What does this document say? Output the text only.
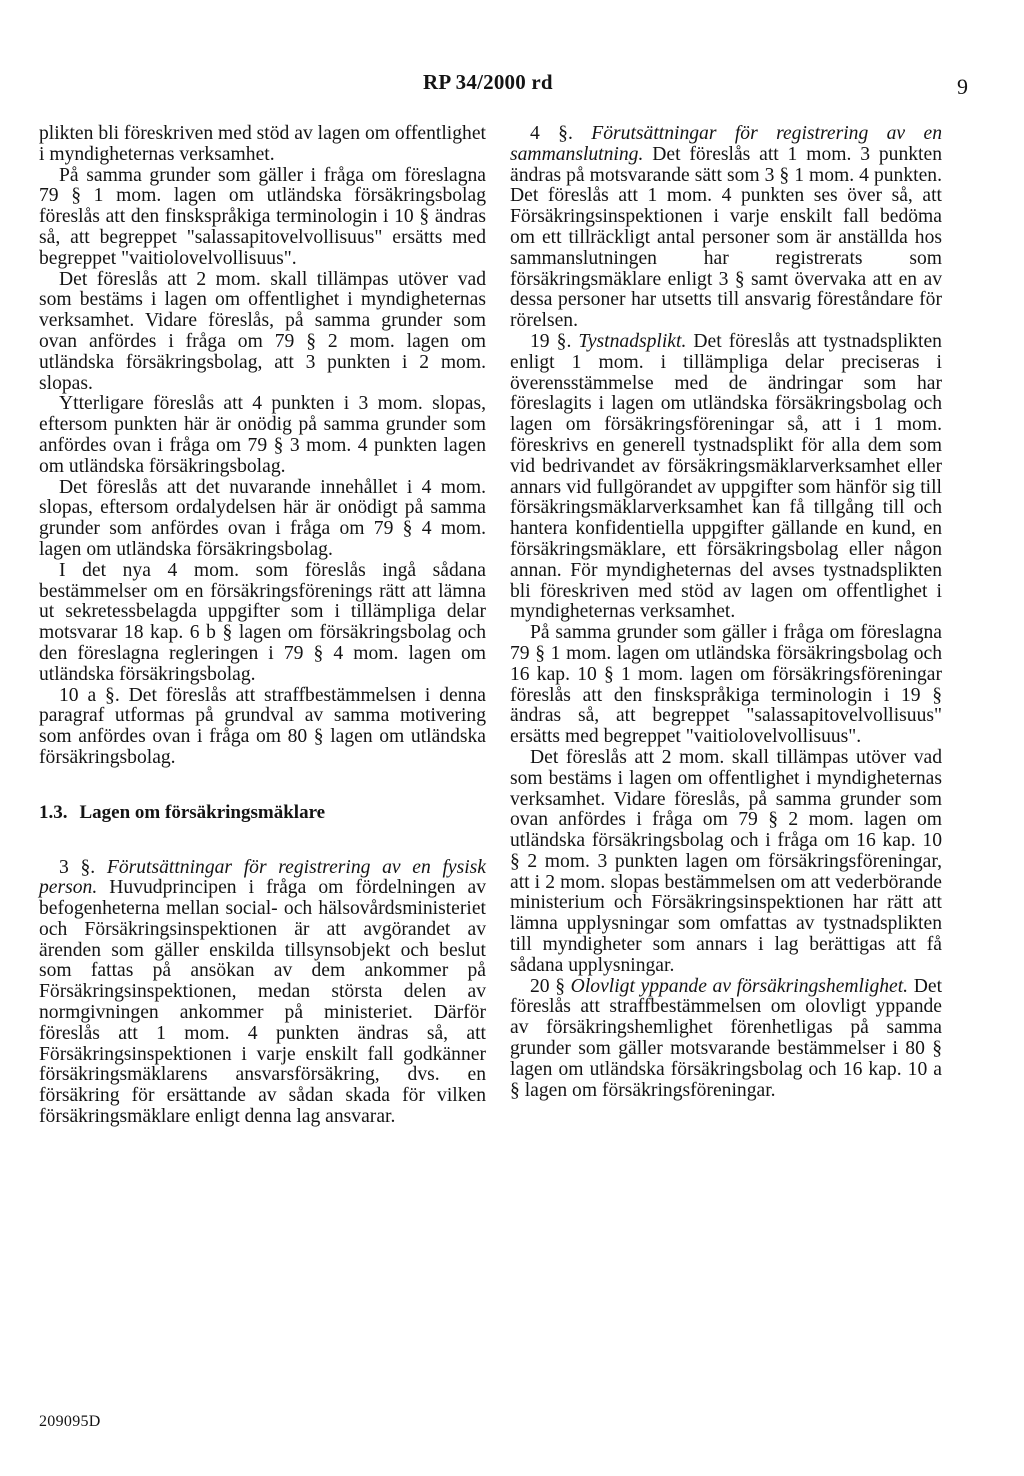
RP 34/2000 rd	9

plikten bli föreskriven med stöd av lagen om offentlighet i myndigheternas verksamhet.

På samma grunder som gäller i fråga om föreslagna 79 § 1 mom. lagen om utländska försäkringsbolag föreslås att den finskspråkiga terminologin i 10 § ändras så, att begreppet "salassapitovelvollisuus" ersätts med begreppet "vaitiolovelvollisuus".

Det föreslås att 2 mom. skall tillämpas utöver vad som bestäms i lagen om offentlighet i myndigheternas verksamhet. Vidare föreslås, på samma grunder som ovan anfördes i fråga om 79 § 2 mom. lagen om utländska försäkringsbolag, att 3 punkten i 2 mom. slopas.

Ytterligare föreslås att 4 punkten i 3 mom. slopas, eftersom punkten här är onödig på samma grunder som anfördes ovan i fråga om 79 § 3 mom. 4 punkten lagen om utländska försäkringsbolag.

Det föreslås att det nuvarande innehållet i 4 mom. slopas, eftersom ordalydelsen här är onödigt på samma grunder som anfördes ovan i fråga om 79 § 4 mom. lagen om utländska försäkringsbolag.

I det nya 4 mom. som föreslås ingå sådana bestämmelser om en försäkringsförenings rätt att lämna ut sekretessbelagda uppgifter som i tillämpliga delar motsvarar 18 kap. 6 b § lagen om försäkringsbolag och den föreslagna regleringen i 79 § 4 mom. lagen om utländska försäkringsbolag.

10 a §. Det föreslås att straffbestämmelsen i denna paragraf utformas på grundval av samma motivering som anfördes ovan i fråga om 80 § lagen om utländska försäkringsbolag.

1.3. Lagen om försäkringsmäklare

3 §. Förutsättningar för registrering av en fysisk person. Huvudprincipen i fråga om fördelningen av befogenheterna mellan social- och hälsovårdsministeriet och Försäkringsinspektionen är att avgörandet av ärenden som gäller enskilda tillsynsobjekt och beslut som fattas på ansökan av dem ankommer på Försäkringsinspektionen, medan största delen av normgivningen ankommer på ministeriet. Därför föreslås att 1 mom. 4 punkten ändras så, att Försäkringsinspektionen i varje enskilt fall godkänner försäkringsmäklarens ansvarsförsäkring, dvs. en försäkring för ersättande av sådan skada för vilken försäkringsmäklare enligt denna lag ansvarar.

4 §. Förutsättningar för registrering av en sammanslutning. Det föreslås att 1 mom. 3 punkten ändras på motsvarande sätt som 3 § 1 mom. 4 punkten. Det föreslås att 1 mom. 4 punkten ses över så, att Försäkringsinspektionen i varje enskilt fall bedöma om ett tillräckligt antal personer som är anställda hos sammanslutningen har registrerats som försäkringsmäklare enligt 3 § samt övervaka att en av dessa personer har utsetts till ansvarig föreståndare för rörelsen.

19 §. Tystnadsplikt. Det föreslås att tystnadsplikten enligt 1 mom. i tillämpliga delar preciseras i överensstämmelse med de ändringar som har föreslagits i lagen om utländska försäkringsbolag och lagen om försäkringsföreningar så, att i 1 mom. föreskrivs en generell tystnadsplikt för alla dem som vid bedrivandet av försäkringsmäklarverksamhet eller annars vid fullgörandet av uppgifter som hänför sig till försäkringsmäklarverksamhet kan få tillgång till och hantera konfidentiella uppgifter gällande en kund, en försäkringsmäklare, ett försäkringsbolag eller någon annan. För myndigheternas del avses tystnadsplikten bli föreskriven med stöd av lagen om offentlighet i myndigheternas verksamhet.

På samma grunder som gäller i fråga om föreslagna 79 § 1 mom. lagen om utländska försäkringsbolag och 16 kap. 10 § 1 mom. lagen om försäkringsföreningar föreslås att den finskspråkiga terminologin i 19 § ändras så, att begreppet "salassapitovelvollisuus" ersätts med begreppet "vaitiolovelvollisuus".

Det föreslås att 2 mom. skall tillämpas utöver vad som bestäms i lagen om offentlighet i myndigheternas verksamhet. Vidare föreslås, på samma grunder som ovan anfördes i fråga om 79 § 2 mom. lagen om utländska försäkringsbolag och i fråga om 16 kap. 10 § 2 mom. 3 punkten lagen om försäkringsföreningar, att i 2 mom. slopas bestämmelsen om att vederbörande ministerium och Försäkringsinspektionen har rätt att lämna upplysningar som omfattas av tystnadsplikten till myndigheter som annars i lag berättigas att få sådana upplysningar.

20 § Olovligt yppande av försäkringshemlighet. Det föreslås att straffbestämmelsen om olovligt yppande av försäkringshemlighet förenhetligas på samma grunder som gäller motsvarande bestämmelser i 80 § lagen om utländska försäkringsbolag och 16 kap. 10 a § lagen om försäkringsföreningar.

209095D
